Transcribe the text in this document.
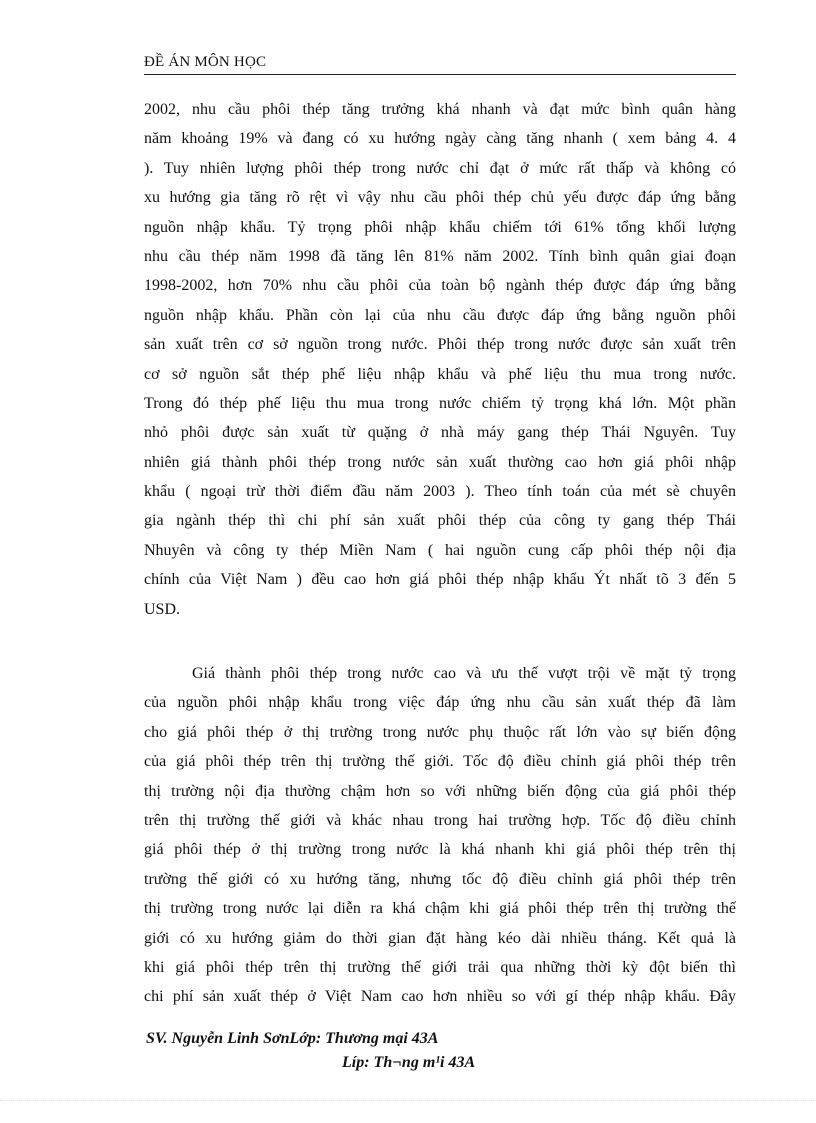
ĐỀ ÁN MÔN HỌC
2002, nhu cầu phôi thép tăng trưởng khá nhanh và đạt mức bình quân hàng
năm khoảng 19% và đang có xu hướng ngày càng tăng nhanh ( xem bảng 4. 4
). Tuy nhiên lượng phôi thép trong nước chỉ đạt ở mức rất thấp và không có
xu hướng gia tăng rõ rệt vì vậy nhu cầu phôi thép chủ yếu được đáp ứng bằng
nguồn nhập khẩu. Tỷ trọng phôi nhập khẩu chiếm tới 61% tổng khối lượng
nhu cầu thép năm 1998 đã tăng lên 81% năm 2002. Tính bình quân giai đoạn
1998-2002, hơn 70% nhu cầu phôi của toàn bộ ngành thép được đáp ứng bằng
nguồn nhập khẩu. Phần còn lại của nhu cầu được đáp ứng bằng nguồn phôi
sản xuất trên cơ sở nguồn trong nước. Phôi thép trong nước được sản xuất trên
cơ sở nguồn sắt thép phế liệu nhập khẩu và phế liệu thu mua trong nước.
Trong đó thép phế liệu thu mua trong nước chiếm tỷ trọng khá lớn. Một phần
nhỏ phôi được sản xuất từ quặng ở nhà máy gang thép Thái Nguyên. Tuy
nhiên giá thành phôi thép trong nước sản xuất thường cao hơn giá phôi nhập
khẩu ( ngoại trừ thời điểm đầu năm 2003 ). Theo tính toán của mét sè chuyên
gia ngành thép thì chi phí sản xuất phôi thép của công ty gang thép Thái
Nhuyên và công ty thép Miền Nam ( hai nguồn cung cấp phôi thép nội địa
chính của Việt Nam ) đều cao hơn giá phôi thép nhập khẩu Ýt nhất tõ 3 đến 5
USD.
Giá thành phôi thép trong nước cao và ưu thế vượt trội về mặt tỷ trọng
của nguồn phôi nhập khẩu trong việc đáp ứng nhu cầu sản xuất thép đã làm
cho giá phôi thép ở thị trường trong nước phụ thuộc rất lớn vào sự biến động
của giá phôi thép trên thị trường thế giới. Tốc độ điều chỉnh giá phôi thép trên
thị trường nội địa thường chậm hơn so với những biến động của giá phôi thép
trên thị trường thế giới và khác nhau trong hai trường hợp. Tốc độ điều chỉnh
giá phôi thép ở thị trường trong nước là khá nhanh khi giá phôi thép trên thị
trường thế giới có xu hướng tăng, nhưng tốc độ điều chỉnh giá phôi thép trên
thị trường trong nước lại diễn ra khá chậm khi giá phôi thép trên thị trường thế
giới có xu hướng giảm do thời gian đặt hàng kéo dài nhiều tháng. Kết quả là
khi giá phôi thép trên thị trường thế giới trải qua những thời kỳ đột biến thì
chi phí sản xuất thép ở Việt Nam cao hơn nhiều so với gí thép nhập khẩu. Đây
SV. Nguyễn Linh SơnLớp: Thương mại 43A
Líp: Th¬ng m¹i 43A
